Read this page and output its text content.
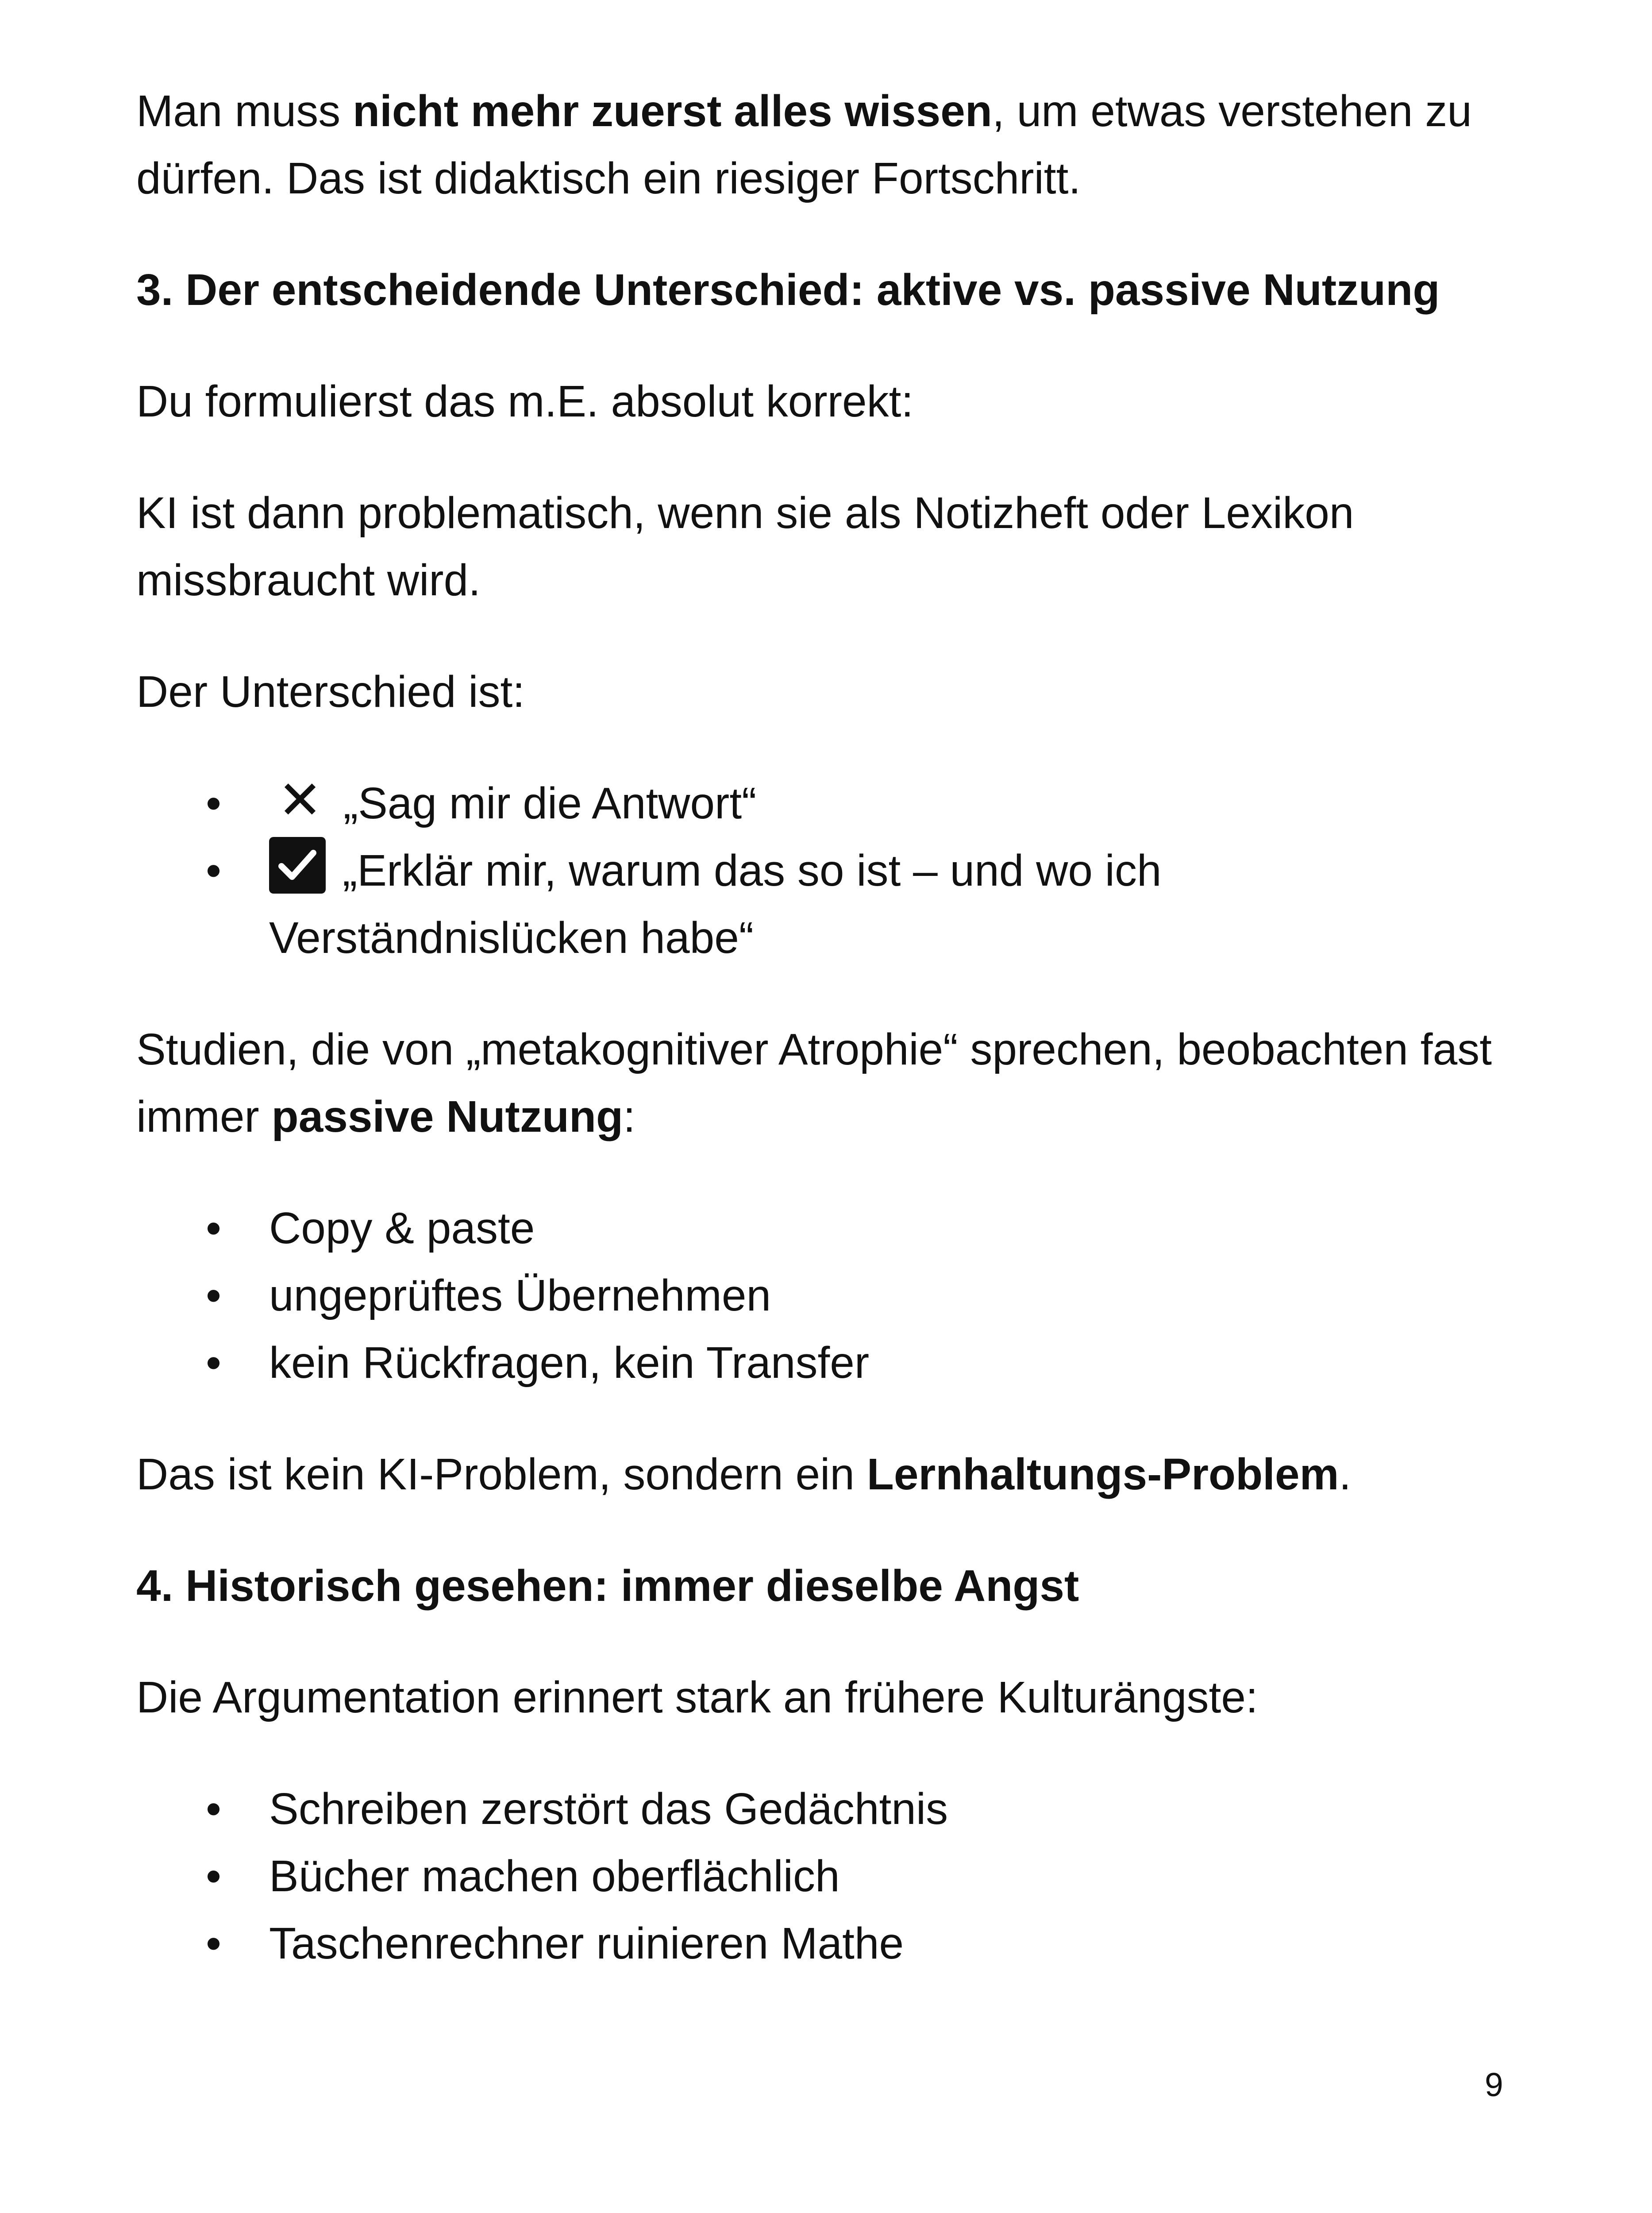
Man muss nicht mehr zuerst alles wissen, um etwas verstehen zu dürfen. Das ist didaktisch ein riesiger Fortschritt.

3. Der entscheidende Unterschied: aktive vs. passive Nutzung

Du formulierst das m.E. absolut korrekt:

KI ist dann problematisch, wenn sie als Notizheft oder Lexikon missbraucht wird.

Der Unterschied ist:

• ✕ „Sag mir die Antwort“
•	„Erklär mir, warum das so ist – und wo ich Verständnislücken habe“

Studien, die von „metakognitiver Atrophie“ sprechen, beobachten fast immer passive Nutzung:

• Copy & paste
• ungeprüftes Übernehmen
• kein Rückfragen, kein Transfer

Das ist kein KI-Problem, sondern ein Lernhaltungs-Problem.

4. Historisch gesehen: immer dieselbe Angst

Die Argumentation erinnert stark an frühere Kulturängste:

• Schreiben zerstört das Gedächtnis
• Bücher machen oberflächlich
• Taschenrechner ruinieren Mathe
9
